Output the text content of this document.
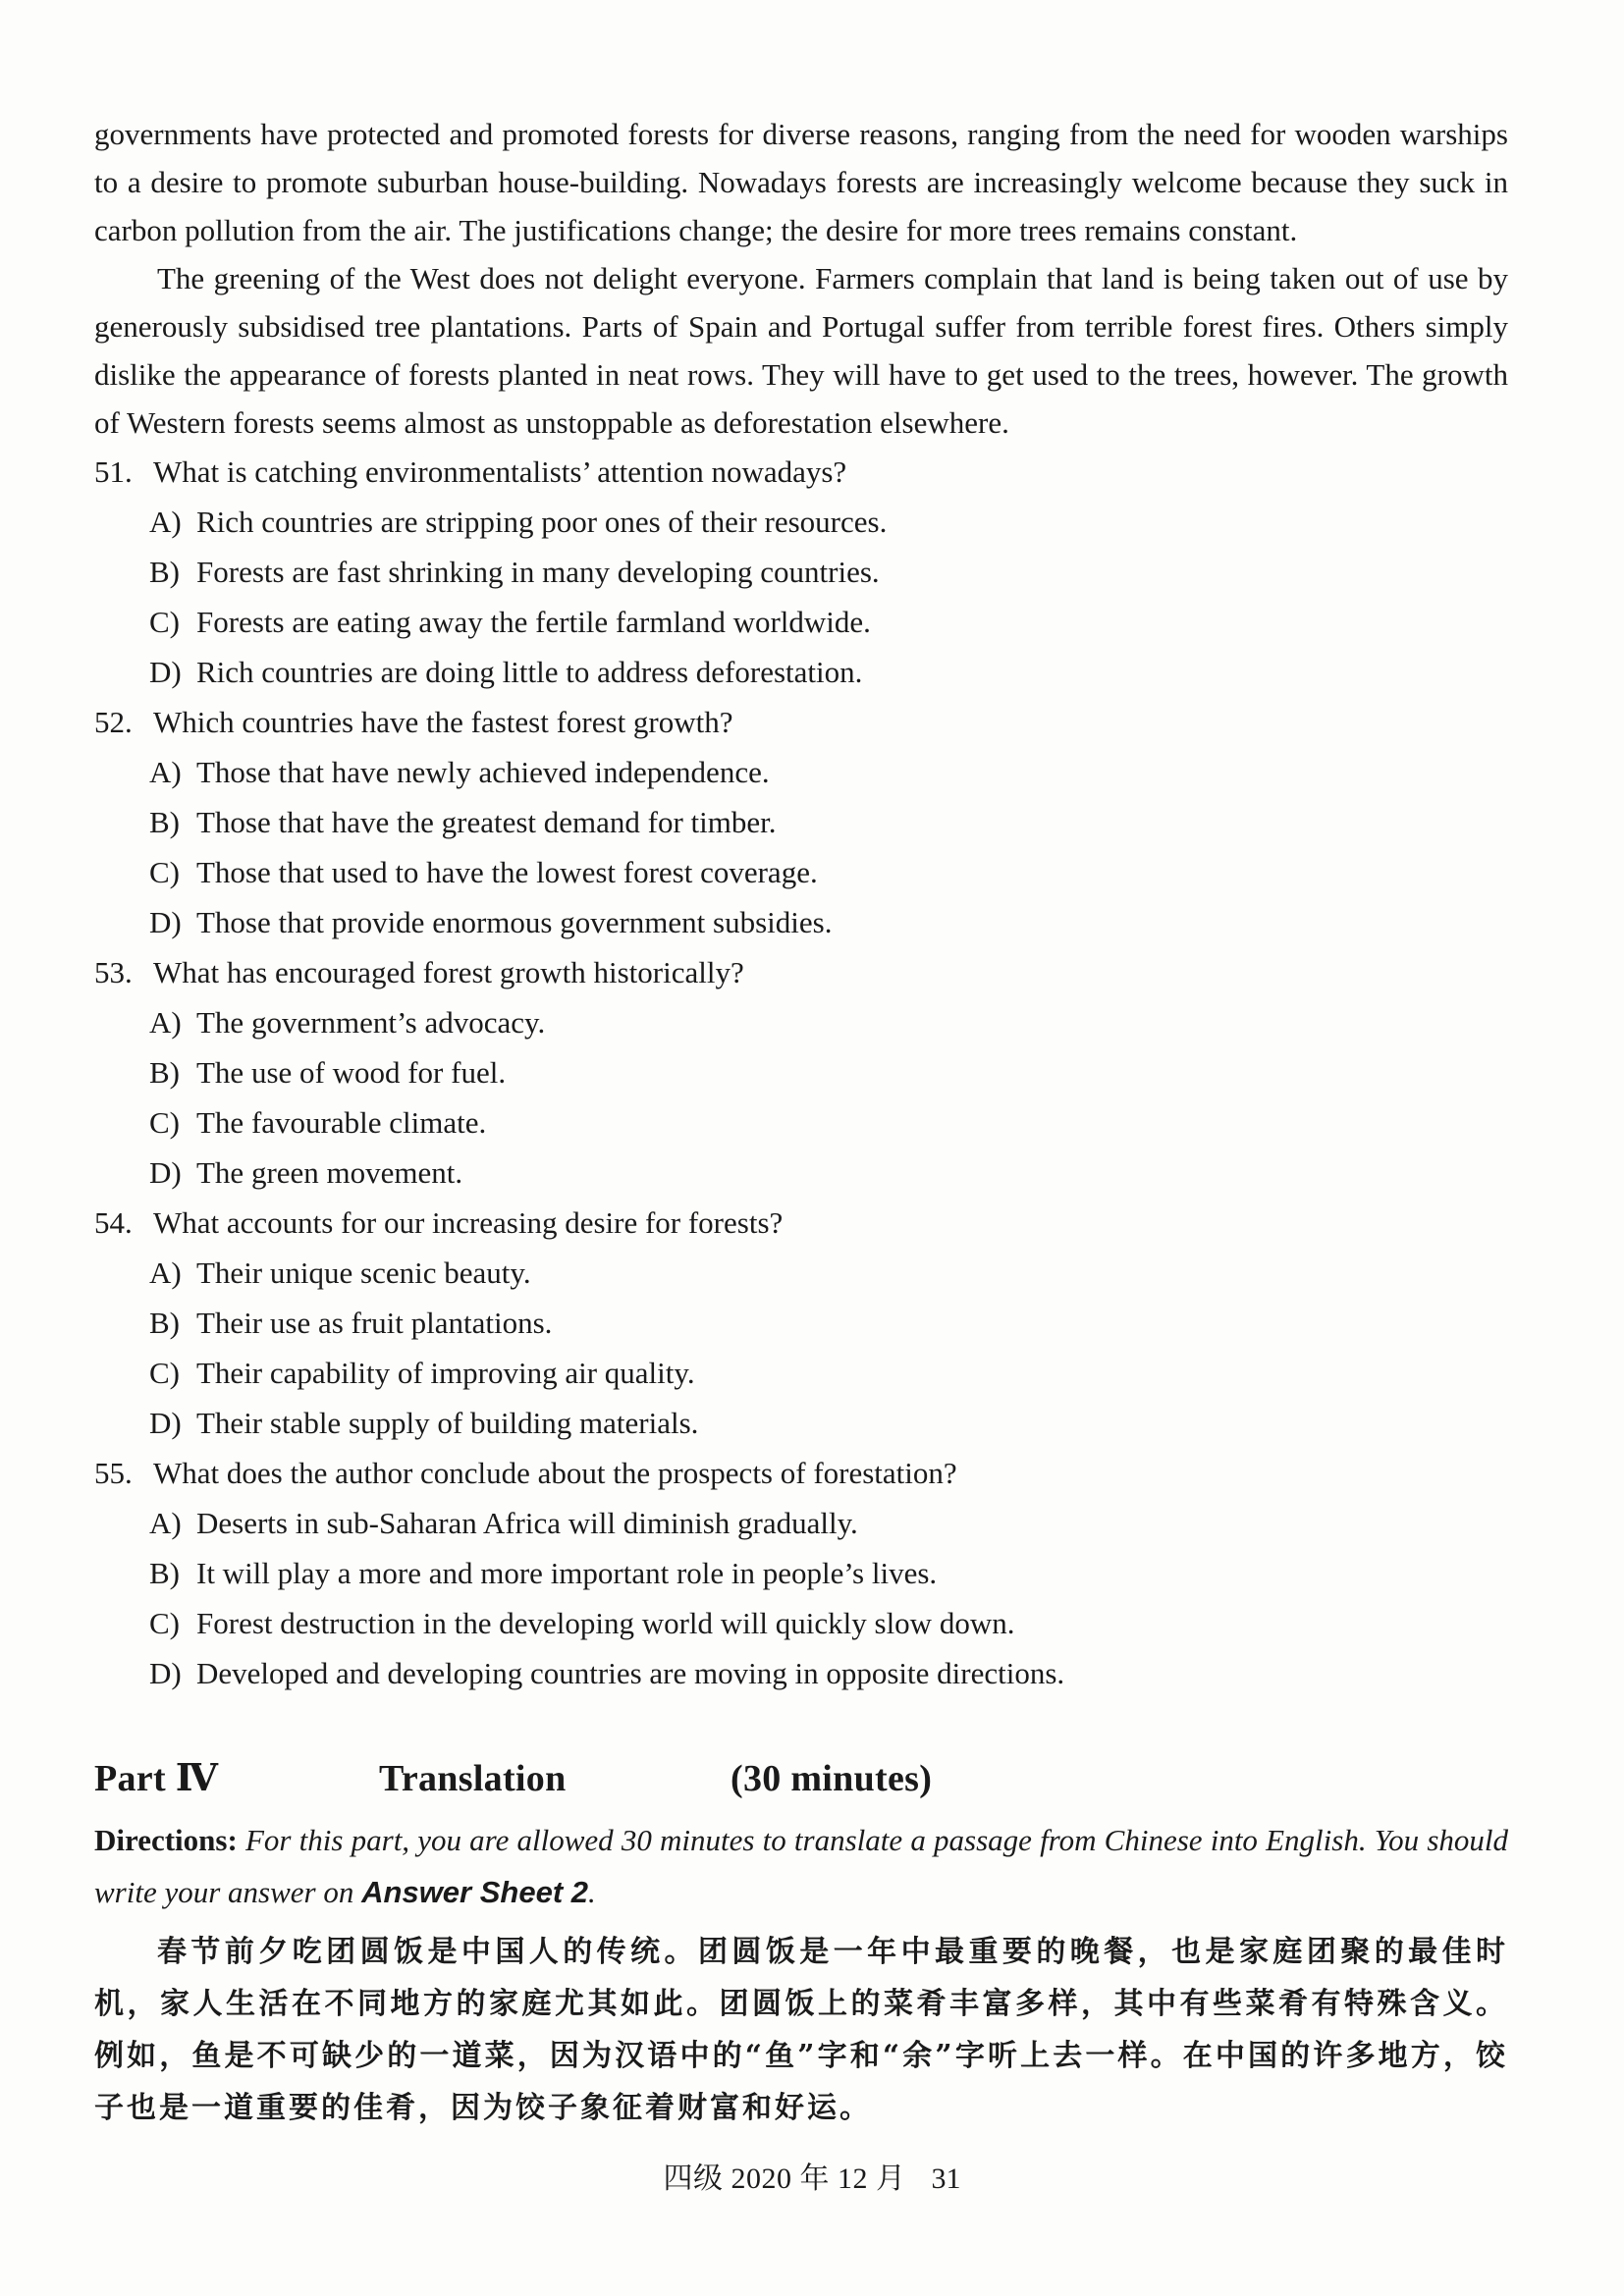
governments have protected and promoted forests for diverse reasons, ranging from the need for wooden warships to a desire to promote suburban house-building. Nowadays forests are increasingly welcome because they suck in carbon pollution from the air. The justifications change; the desire for more trees remains constant.

The greening of the West does not delight everyone. Farmers complain that land is being taken out of use by generously subsidised tree plantations. Parts of Spain and Portugal suffer from terrible forest fires. Others simply dislike the appearance of forests planted in neat rows. They will have to get used to the trees, however. The growth of Western forests seems almost as unstoppable as deforestation elsewhere.

51. What is catching environmentalists’ attention nowadays?

A) Rich countries are stripping poor ones of their resources.

B) Forests are fast shrinking in many developing countries.

C) Forests are eating away the fertile farmland worldwide.

D) Rich countries are doing little to address deforestation.

52. Which countries have the fastest forest growth?

A) Those that have newly achieved independence.

B) Those that have the greatest demand for timber.

C) Those that used to have the lowest forest coverage.

D) Those that provide enormous government subsidies.

53. What has encouraged forest growth historically?

A) The government’s advocacy.

B) The use of wood for fuel.

C) The favourable climate.

D) The green movement.

54. What accounts for our increasing desire for forests?

A) Their unique scenic beauty.

B) Their use as fruit plantations.

C) Their capability of improving air quality.

D) Their stable supply of building materials.

55. What does the author conclude about the prospects of forestation?

A) Deserts in sub-Saharan Africa will diminish gradually.

B) It will play a more and more important role in people’s lives.

C) Forest destruction in the developing world will quickly slow down.

D) Developed and developing countries are moving in opposite directions.

Part Ⅳ	Translation	(30 minutes)

Directions: For this part, you are allowed 30 minutes to translate a passage from Chinese into English. You should write your answer on Answer Sheet 2.

春节前夕吃团圆饭是中国人的传统。团圆饭是一年中最重要的晚餐，也是家庭团聚的最佳时机，家人生活在不同地方的家庭尤其如此。团圆饭上的菜肴丰富多样，其中有些菜肴有特殊含义。例如，鱼是不可缺少的一道菜，因为汉语中的“鱼”字和“余”字听上去一样。在中国的许多地方，饺子也是一道重要的佳肴，因为饺子象征着财富和好运。

四级 2020 年 12 月 31
